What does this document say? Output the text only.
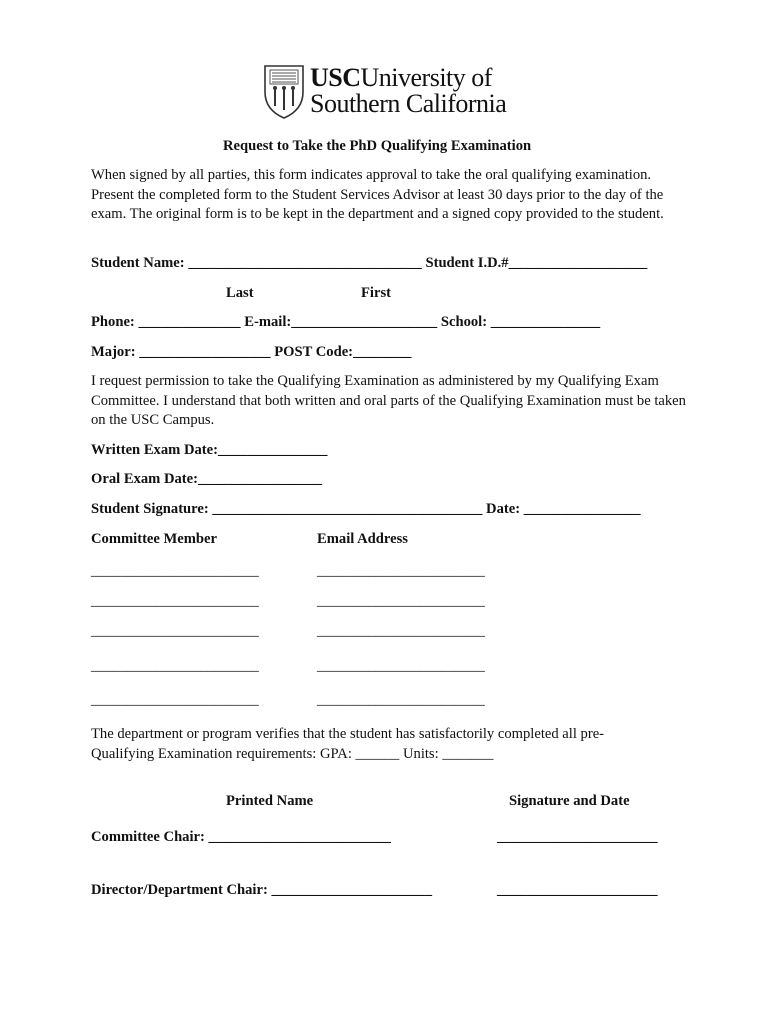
USCUniversity of
Southern California
Request to Take the PhD Qualifying Examination
When signed by all parties, this form indicates approval to take the oral qualifying examination. Present the completed form to the Student Services Advisor at least 30 days prior to the day of the exam. The original form is to be kept in the department and a signed copy provided to the student.
Student Name: ________________________________ Student I.D.#___________________
Last	First
Phone: ______________ E-mail:____________________ School: _______________
Major: __________________ POST Code:________
I request permission to take the Qualifying Examination as administered by my Qualifying Exam Committee. I understand that both written and oral parts of the Qualifying Examination must be taken on the USC Campus.
Written Exam Date:_______________
Oral Exam Date:_________________
Student Signature: _____________________________________ Date: ________________
Committee Member	Email Address
_______________________	_______________________
_______________________	_______________________
_______________________	_______________________
_______________________	_______________________
_______________________	_______________________
The department or program verifies that the student has satisfactorily completed all pre-
Qualifying Examination requirements: GPA: ______ Units: _______
Printed Name	Signature and Date
Committee Chair: _________________________	______________________
Director/Department Chair: ______________________	______________________
